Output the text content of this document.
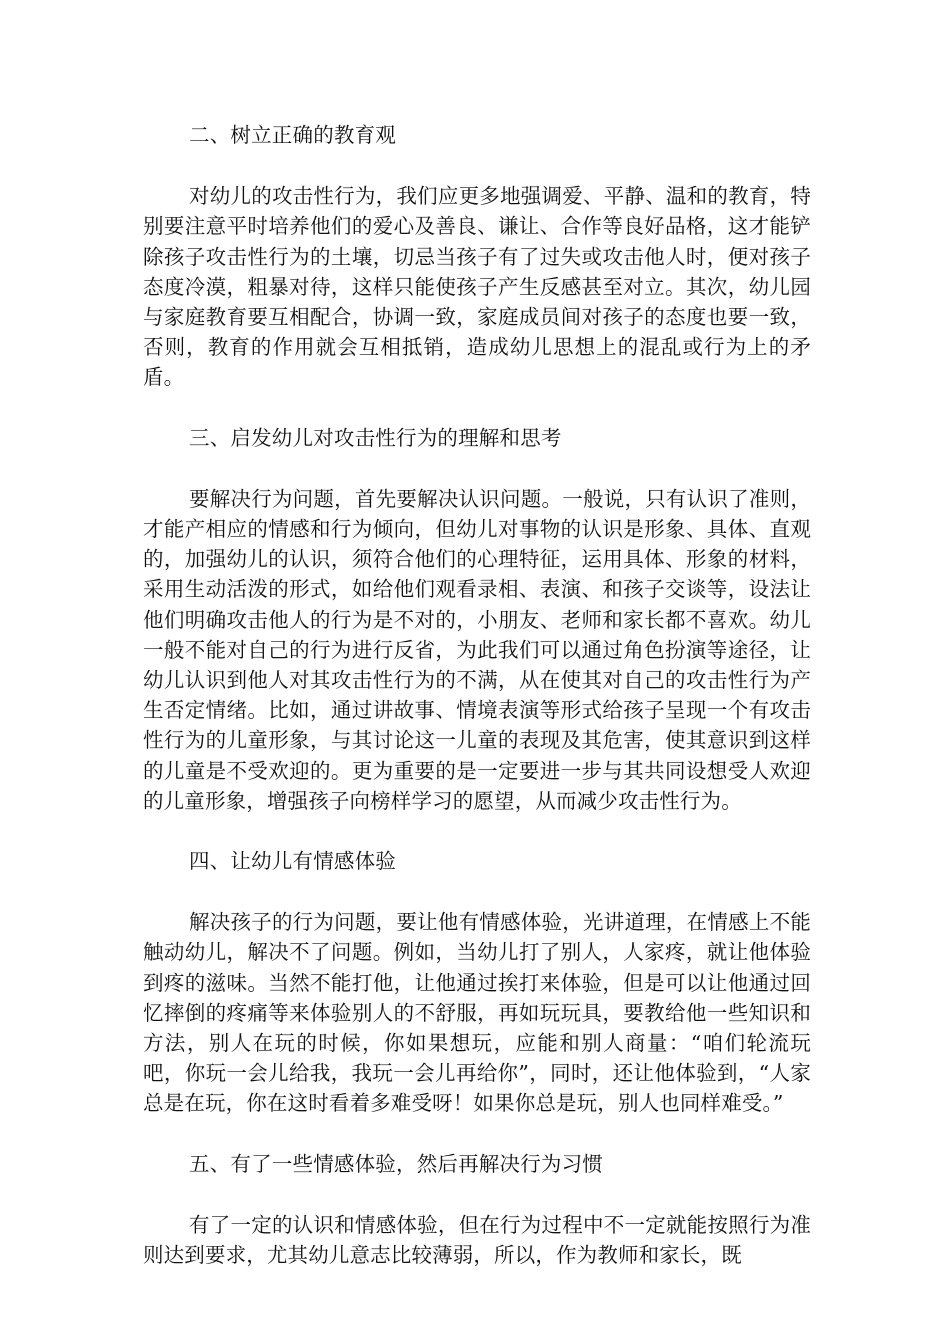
二、树立正确的教育观

对幼儿的攻击性行为，我们应更多地强调爱、平静、温和的教育，特别要注意平时培养他们的爱心及善良、谦让、合作等良好品格，这才能铲除孩子攻击性行为的土壤，切忌当孩子有了过失或攻击他人时，便对孩子态度冷漠，粗暴对待，这样只能使孩子产生反感甚至对立。其次，幼儿园与家庭教育要互相配合，协调一致，家庭成员间对孩子的态度也要一致，否则，教育的作用就会互相抵销，造成幼儿思想上的混乱或行为上的矛盾。

三、启发幼儿对攻击性行为的理解和思考

要解决行为问题，首先要解决认识问题。一般说，只有认识了准则，才能产相应的情感和行为倾向，但幼儿对事物的认识是形象、具体、直观的，加强幼儿的认识，须符合他们的心理特征，运用具体、形象的材料，采用生动活泼的形式，如给他们观看录相、表演、和孩子交谈等，设法让他们明确攻击他人的行为是不对的，小朋友、老师和家长都不喜欢。幼儿一般不能对自己的行为进行反省，为此我们可以通过角色扮演等途径，让幼儿认识到他人对其攻击性行为的不满，从在使其对自己的攻击性行为产生否定情绪。比如，通过讲故事、情境表演等形式给孩子呈现一个有攻击性行为的儿童形象，与其讨论这一儿童的表现及其危害，使其意识到这样的儿童是不受欢迎的。更为重要的是一定要进一步与其共同设想受人欢迎的儿童形象，增强孩子向榜样学习的愿望，从而减少攻击性行为。

四、让幼儿有情感体验

解决孩子的行为问题，要让他有情感体验，光讲道理，在情感上不能触动幼儿，解决不了问题。例如，当幼儿打了别人，人家疼，就让他体验到疼的滋味。当然不能打他，让他通过挨打来体验，但是可以让他通过回忆摔倒的疼痛等来体验别人的不舒服，再如玩玩具，要教给他一些知识和方法，别人在玩的时候，你如果想玩，应能和别人商量：“咱们轮流玩吧，你玩一会儿给我，我玩一会儿再给你”，同时，还让他体验到，“人家总是在玩，你在这时看着多难受呀！如果你总是玩，别人也同样难受。”

五、有了一些情感体验，然后再解决行为习惯

有了一定的认识和情感体验，但在行为过程中不一定就能按照行为准则达到要求，尤其幼儿意志比较薄弱，所以，作为教师和家长，既
